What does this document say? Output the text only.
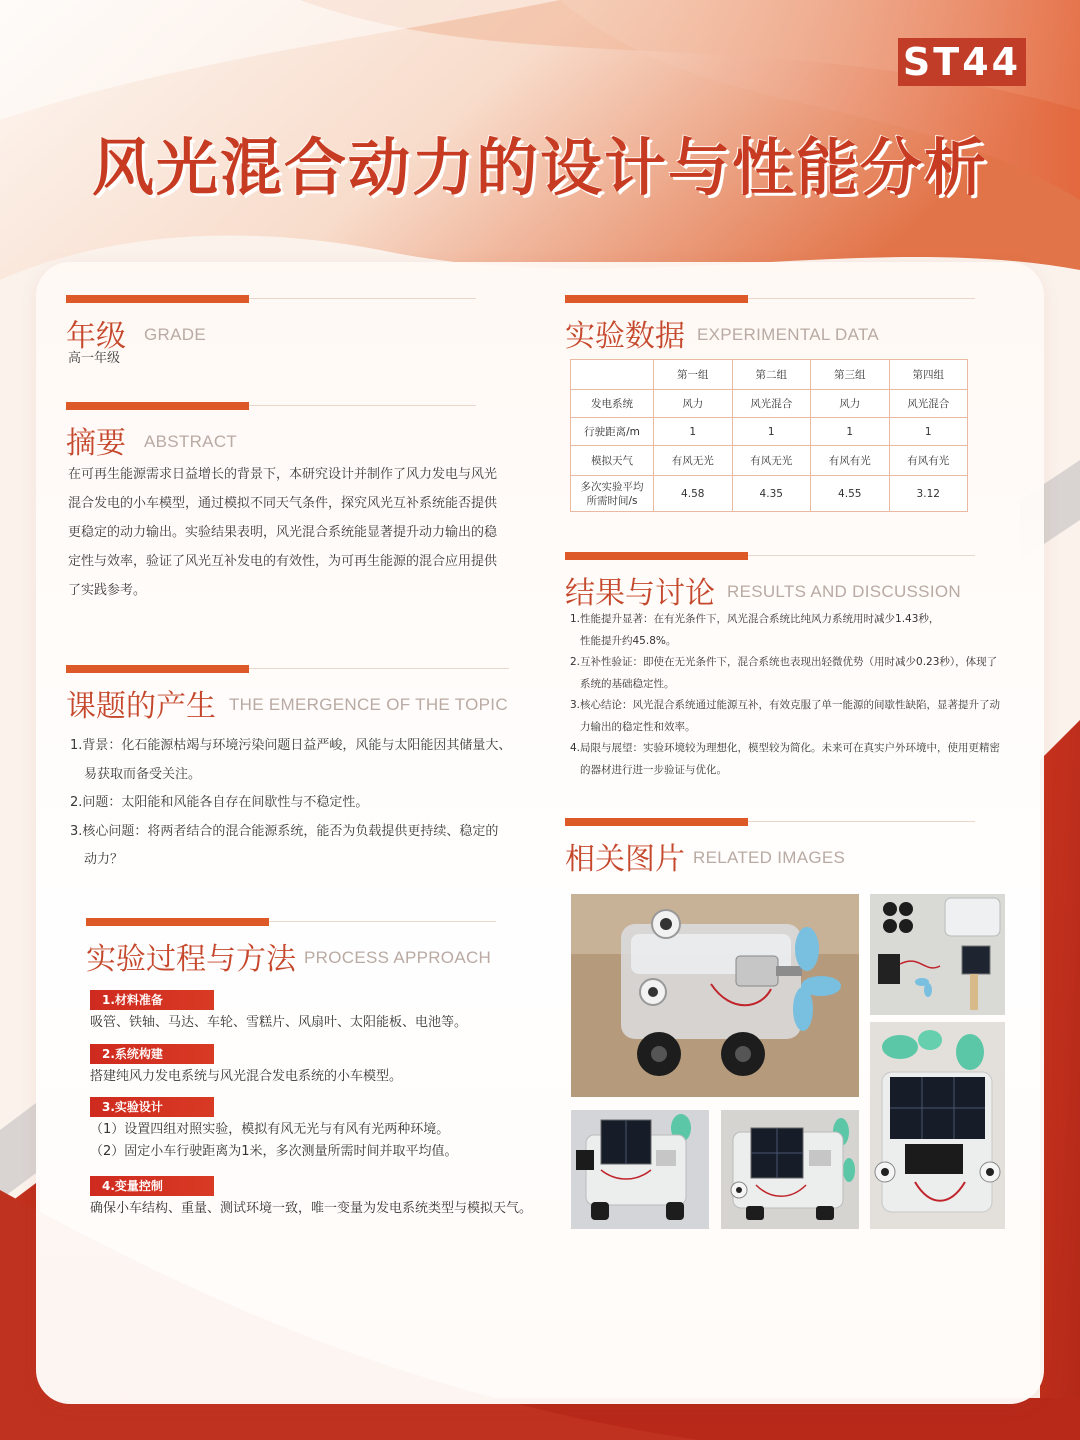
ST44
风光混合动力的设计与性能分析
年级 GRADE
高一年级
摘要 ABSTRACT
在可再生能源需求日益增长的背景下，本研究设计并制作了风力发电与风光
混合发电的小车模型，通过模拟不同天气条件，探究风光互补系统能否提供
更稳定的动力输出。实验结果表明，风光混合系统能显著提升动力输出的稳
定性与效率，验证了风光互补发电的有效性，为可再生能源的混合应用提供
了实践参考。
课题的产生 THE EMERGENCE OF THE TOPIC
1.背景：化石能源枯竭与环境污染问题日益严峻，风能与太阳能因其储量大、
易获取而备受关注。
2.问题：太阳能和风能各自存在间歇性与不稳定性。
3.核心问题：将两者结合的混合能源系统，能否为负载提供更持续、稳定的
动力？
实验过程与方法 PROCESS APPROACH
1.材料准备
吸管、铁轴、马达、车轮、雪糕片、风扇叶、太阳能板、电池等。
2.系统构建
搭建纯风力发电系统与风光混合发电系统的小车模型。
3.实验设计
（1）设置四组对照实验，模拟有风无光与有风有光两种环境。
（2）固定小车行驶距离为1米，多次测量所需时间并取平均值。
4.变量控制
确保小车结构、重量、测试环境一致，唯一变量为发电系统类型与模拟天气。
实验数据 EXPERIMENTAL DATA
	第一组	第二组	第三组	第四组
发电系统	风力	风光混合	风力	风光混合
行驶距离/m	1	1	1	1
模拟天气	有风无光	有风无光	有风有光	有风有光

多次实验平均
所需时间/s	4.58	4.35	4.55	3.12
结果与讨论 RESULTS AND DISCUSSION
1.性能提升显著：在有光条件下，风光混合系统比纯风力系统用时减少1.43秒，
性能提升约45.8%。
2.互补性验证：即使在无光条件下，混合系统也表现出轻微优势（用时减少0.23秒），体现了
系统的基础稳定性。
3.核心结论：风光混合系统通过能源互补，有效克服了单一能源的间歇性缺陷，显著提升了动
力输出的稳定性和效率。
4.局限与展望：实验环境较为理想化，模型较为简化。未来可在真实户外环境中，使用更精密
的器材进行进一步验证与优化。
相关图片 RELATED IMAGES
